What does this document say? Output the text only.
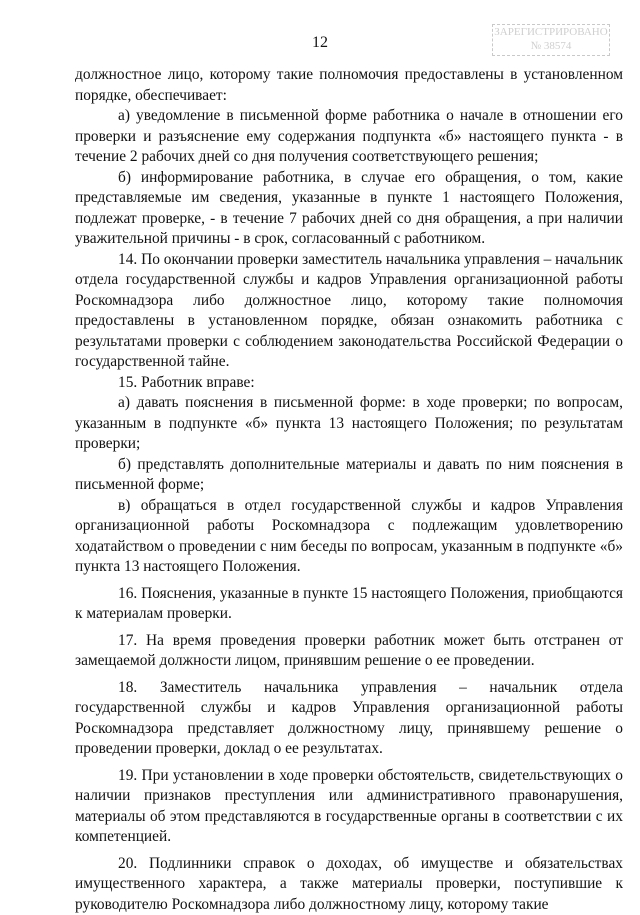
12
ЗАРЕГИСТРИРОВАНО
№ 38574

должностное лицо, которому такие полномочия предоставлены в установленном порядке, обеспечивает:

а) уведомление в письменной форме работника о начале в отношении его проверки и разъяснение ему содержания подпункта «б» настоящего пункта - в течение 2 рабочих дней со дня получения соответствующего решения;

б) информирование работника, в случае его обращения, о том, какие представляемые им сведения, указанные в пункте 1 настоящего Положения, подлежат проверке, - в течение 7 рабочих дней со дня обращения, а при наличии уважительной причины - в срок, согласованный с работником.

14. По окончании проверки заместитель начальника управления – начальник отдела государственной службы и кадров Управления организационной работы Роскомнадзора либо должностное лицо, которому такие полномочия предоставлены в установленном порядке, обязан ознакомить работника с результатами проверки с соблюдением законодательства Российской Федерации о государственной тайне.

15. Работник вправе:

а) давать пояснения в письменной форме: в ходе проверки; по вопросам, указанным в подпункте «б» пункта 13 настоящего Положения; по результатам проверки;

б) представлять дополнительные материалы и давать по ним пояснения в письменной форме;

в) обращаться в отдел государственной службы и кадров Управления организационной работы Роскомнадзора с подлежащим удовлетворению ходатайством о проведении с ним беседы по вопросам, указанным в подпункте «б» пункта 13 настоящего Положения.

16. Пояснения, указанные в пункте 15 настоящего Положения, приобщаются к материалам проверки.

17. На время проведения проверки работник может быть отстранен от замещаемой должности лицом, принявшим решение о ее проведении.

18. Заместитель начальника управления – начальник отдела государственной службы и кадров Управления организационной работы Роскомнадзора представляет должностному лицу, принявшему решение о проведении проверки, доклад о ее результатах.

19. При установлении в ходе проверки обстоятельств, свидетельствующих о наличии признаков преступления или административного правонарушения, материалы об этом представляются в государственные органы в соответствии с их компетенцией.

20. Подлинники справок о доходах, об имуществе и обязательствах имущественного характера, а также материалы проверки, поступившие к руководителю Роскомнадзора либо должностному лицу, которому такие
